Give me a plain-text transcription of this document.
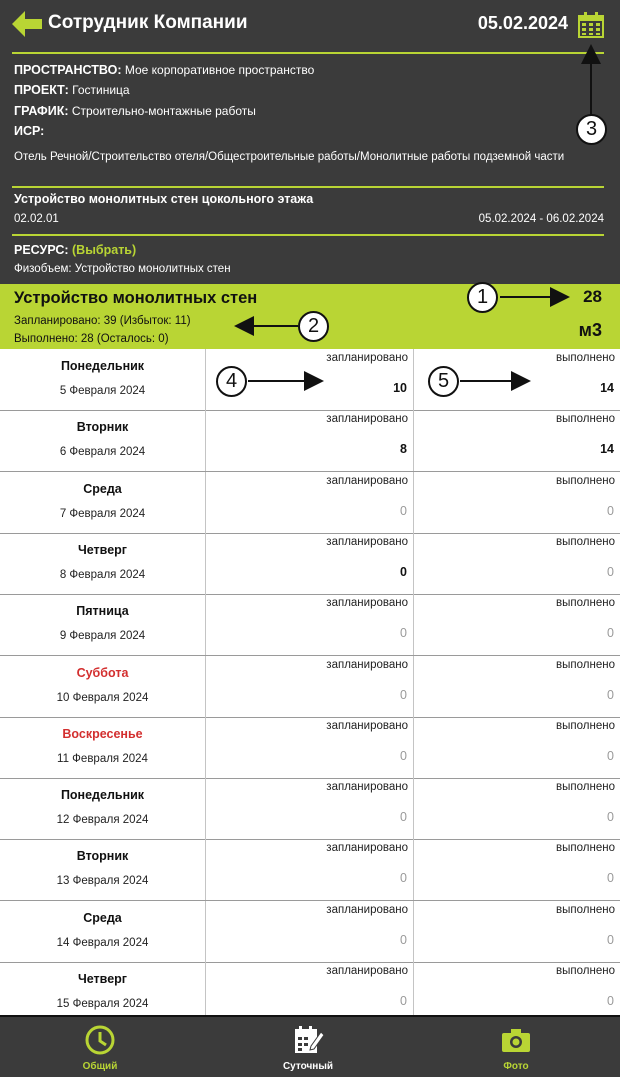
Сотрудник Компании	05.02.2024
ПРОСТРАНСТВО: Мое корпоративное пространство
ПРОЕКТ: Гостиница
ГРАФИК: Строительно-монтажные работы
ИСР:
Отель Речной/Строительство отеля/Общестроительные работы/Монолитные работы подземной части
Устройство монолитных стен цокольного этажа
02.02.01	05.02.2024 - 06.02.2024
РЕСУРС: (Выбрать)
Физобъем: Устройство монолитных стен
Устройство монолитных стен
Запланировано: 39 (Избыток: 11)
Выполнено: 28 (Осталось: 0)
28
м3
Понедельник
5 Февраля 2024
запланировано
10
выполнено
14
Вторник
6 Февраля 2024
запланировано
8
выполнено
14
Среда
7 Февраля 2024
запланировано
0
выполнено
0
Четверг
8 Февраля 2024
запланировано
0
выполнено
0
Пятница
9 Февраля 2024
запланировано
0
выполнено
0
Суббота
10 Февраля 2024
запланировано
0
выполнено
0
Воскресенье
11 Февраля 2024
запланировано
0
выполнено
0
Понедельник
12 Февраля 2024
запланировано
0
выполнено
0
Вторник
13 Февраля 2024
запланировано
0
выполнено
0
Среда
14 Февраля 2024
запланировано
0
выполнено
0
Четверг
15 Февраля 2024
запланировано
0
выполнено
0
Общий	Суточный	Фото
1
2
3
4	5
